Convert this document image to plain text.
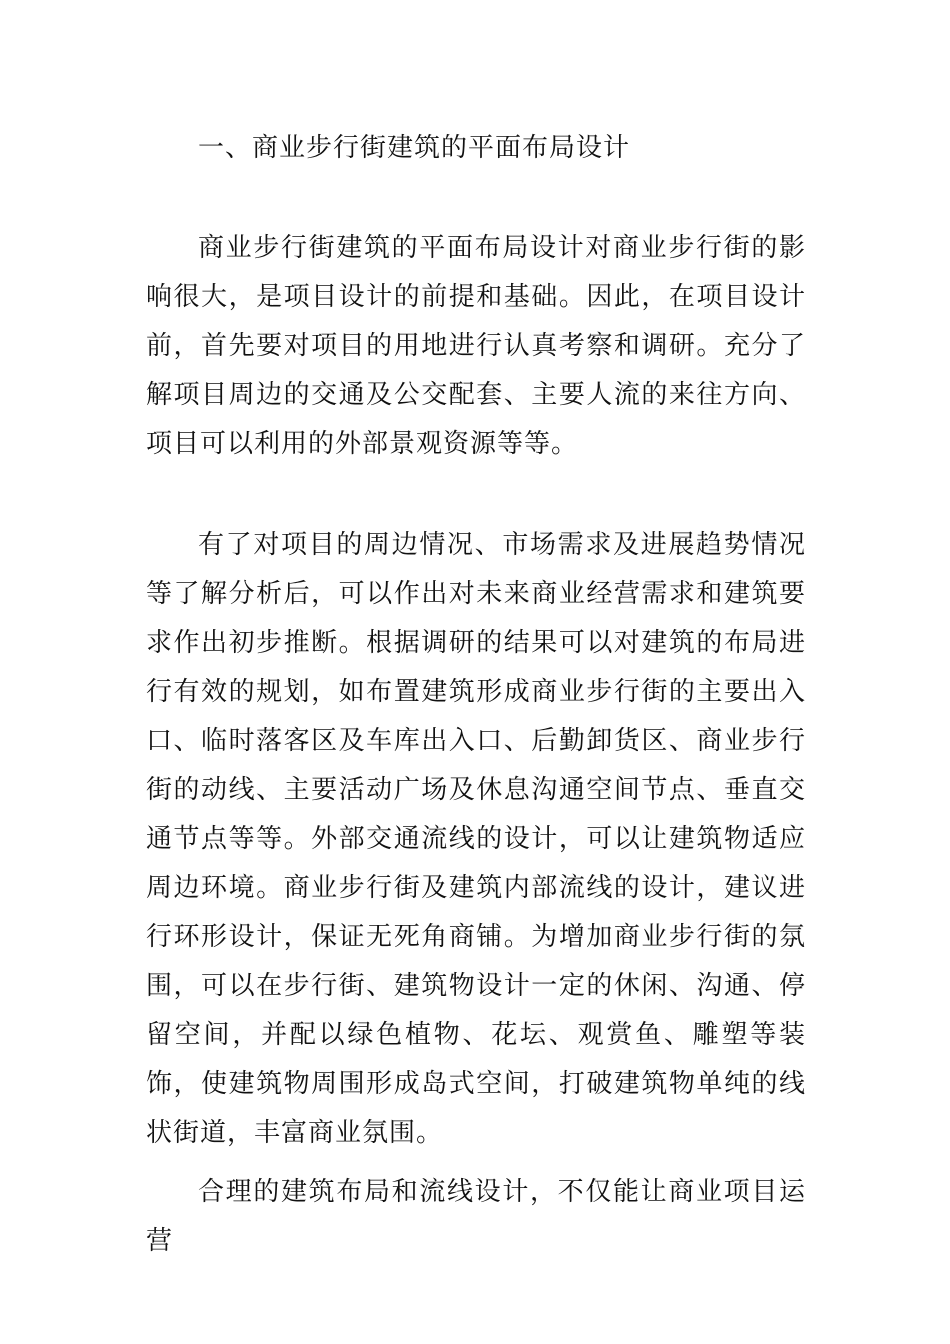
一、商业步行街建筑的平面布局设计

商业步行街建筑的平面布局设计对商业步行街的影响很大，是项目设计的前提和基础。因此，在项目设计前，首先要对项目的用地进行认真考察和调研。充分了解项目周边的交通及公交配套、主要人流的来往方向、项目可以利用的外部景观资源等等。

有了对项目的周边情况、市场需求及进展趋势情况等了解分析后，可以作出对未来商业经营需求和建筑要求作出初步推断。根据调研的结果可以对建筑的布局进行有效的规划，如布置建筑形成商业步行街的主要出入口、临时落客区及车库出入口、后勤卸货区、商业步行街的动线、主要活动广场及休息沟通空间节点、垂直交通节点等等。外部交通流线的设计，可以让建筑物适应周边环境。商业步行街及建筑内部流线的设计，建议进行环形设计，保证无死角商铺。为增加商业步行街的氛围，可以在步行街、建筑物设计一定的休闲、沟通、停留空间，并配以绿色植物、花坛、观赏鱼、雕塑等装饰，使建筑物周围形成岛式空间，打破建筑物单纯的线状街道，丰富商业氛围。

合理的建筑布局和流线设计，不仅能让商业项目运营
